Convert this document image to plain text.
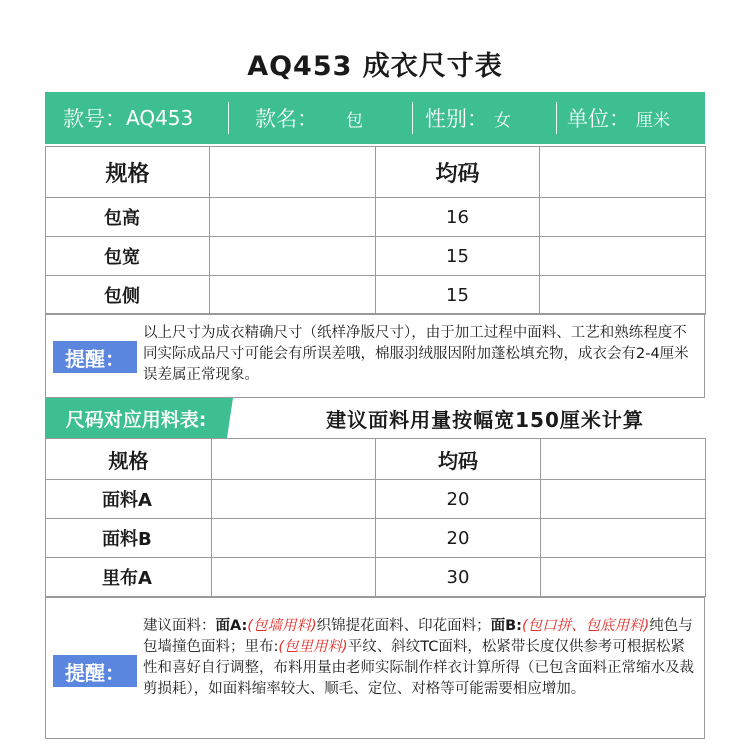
AQ453 成衣尺寸表
款号： AQ453	款名： 包	性别： 女	单位： 厘米
规格		均码	
包高		16	
包宽		15	
包侧		15	
提醒：
以上尺寸为成衣精确尺寸（纸样净版尺寸），由于加工过程中面料、工艺和熟练程度不同实际成品尺寸可能会有所误差哦，棉服羽绒服因附加蓬松填充物，成衣会有2-4厘米误差属正常现象。
尺码对应用料表:	建议面料用量按幅宽150厘米计算
规格		均码	
面料A		20	
面料B		20	
里布A		30	
提醒：
建议面料：面A:(包墙用料)织锦提花面料、印花面料；面B:(包口拼、包底用料)纯色与包墙撞色面料；里布:(包里用料)平纹、斜纹TC面料，松紧带长度仅供参考可根据松紧性和喜好自行调整，布料用量由老师实际制作样衣计算所得（已包含面料正常缩水及裁剪损耗），如面料缩率较大、顺毛、定位、对格等可能需要相应增加。
